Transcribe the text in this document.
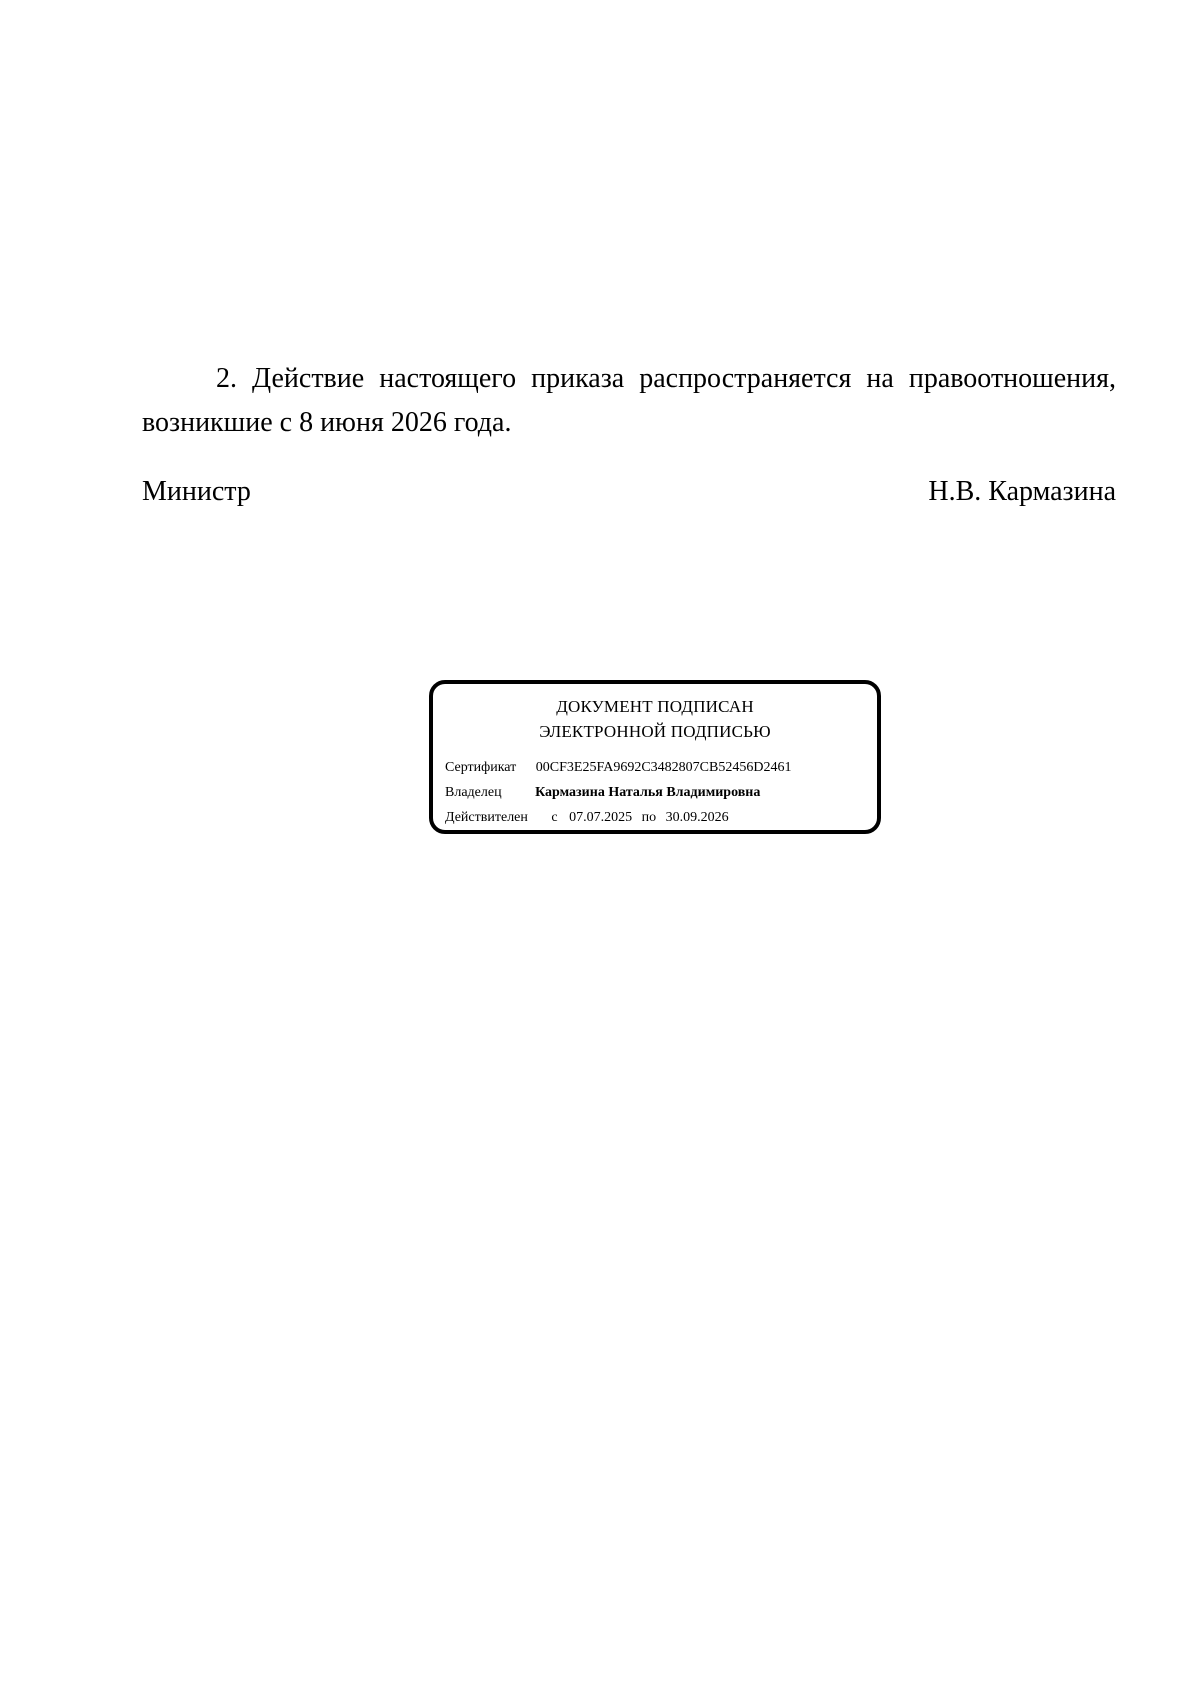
2. Действие настоящего приказа распространяется на правоотношения,
возникшие с 8 июня 2026 года.

Министр	Н.В. Кармазина
ДОКУМЕНТ ПОДПИСАН
ЭЛЕКТРОННОЙ ПОДПИСЬЮ
Сертификат 00CF3E25FA9692C3482807CB52456D2461
Владелец Кармазина Наталья Владимировна
Действителен с 07.07.2025 по 30.09.2026
